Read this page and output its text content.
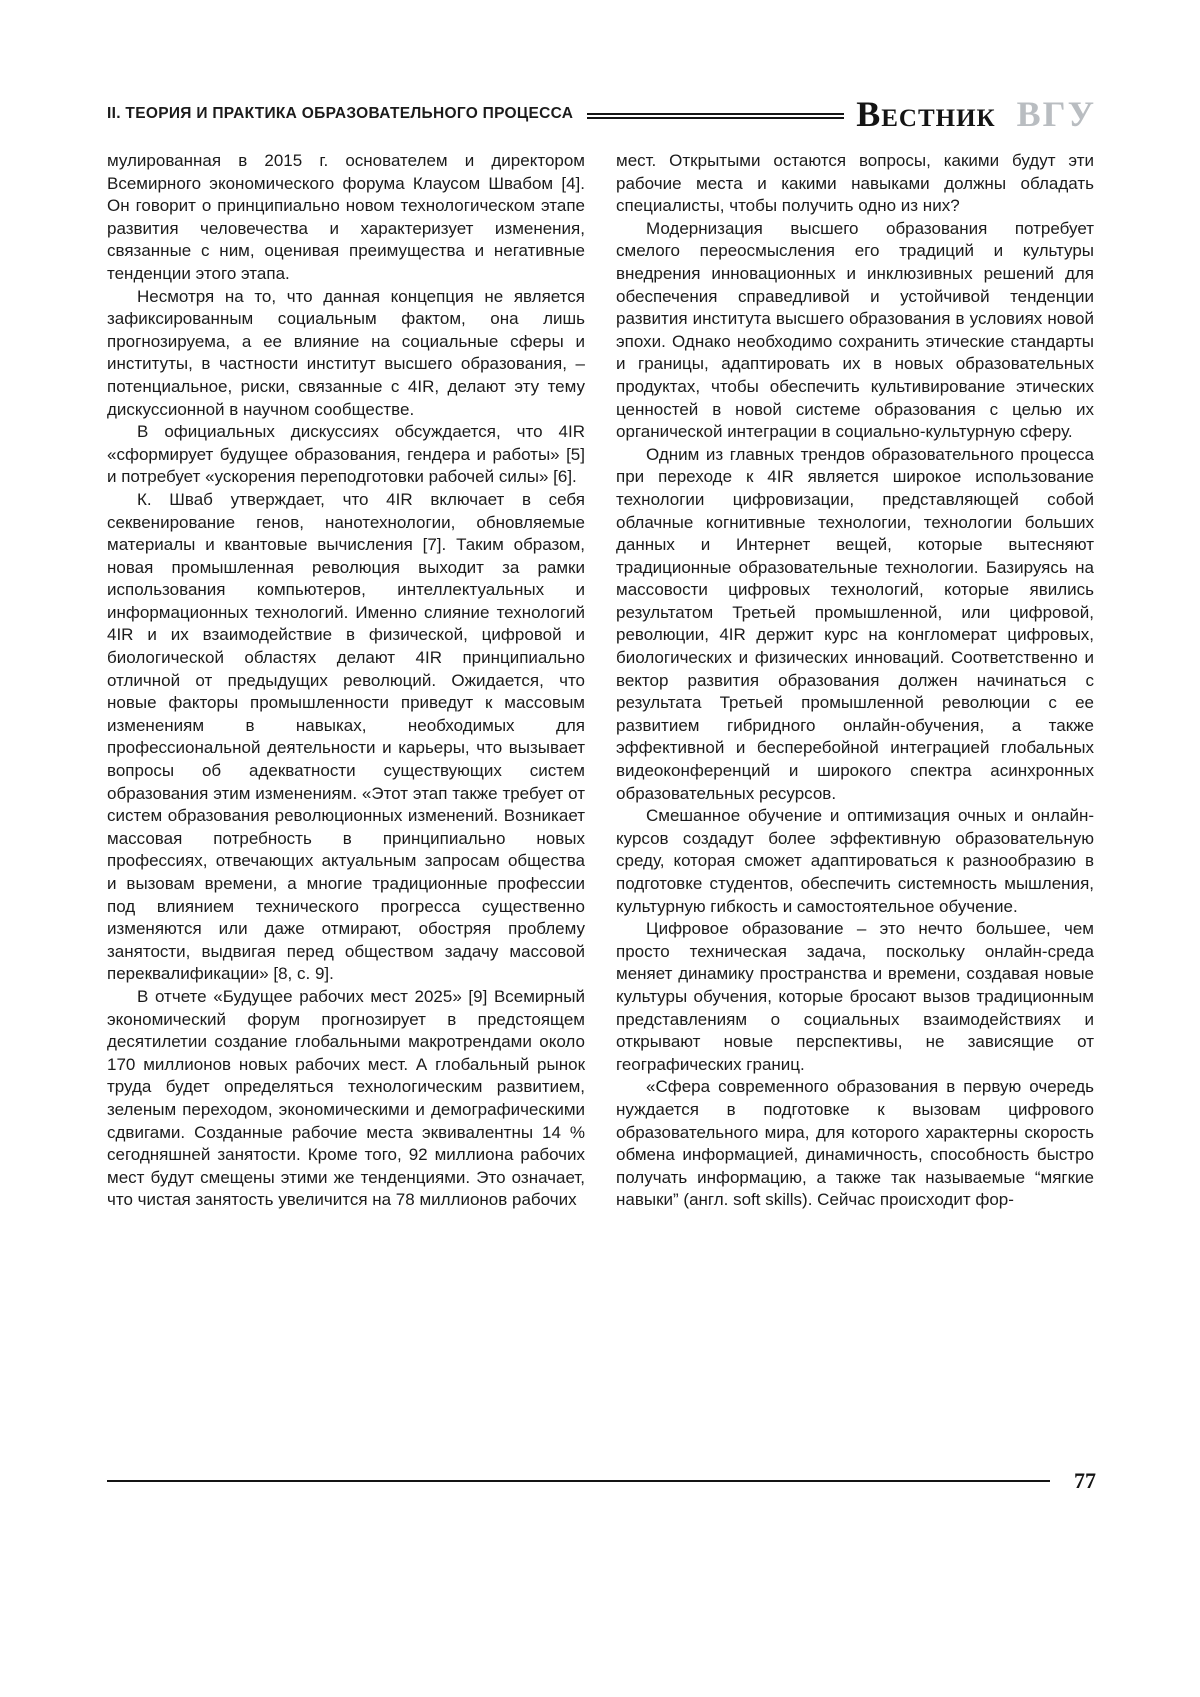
II. ТЕОРИЯ И ПРАКТИКА ОБРАЗОВАТЕЛЬНОГО ПРОЦЕССА	Вестник ВГУ

мулированная в 2015 г. основателем и директором Всемирного экономического форума Клаусом Швабом [4]. Он говорит о принципиально новом технологическом этапе развития человечества и характеризует изменения, связанные с ним, оценивая преимущества и негативные тенденции этого этапа.

Несмотря на то, что данная концепция не является зафиксированным социальным фактом, она лишь прогнозируема, а ее влияние на социальные сферы и институты, в частности институт высшего образования, – потенциальное, риски, связанные с 4IR, делают эту тему дискуссионной в научном сообществе.

В официальных дискуссиях обсуждается, что 4IR «сформирует будущее образования, гендера и работы» [5] и потребует «ускорения переподготовки рабочей силы» [6].

К. Шваб утверждает, что 4IR включает в себя секвенирование генов, нанотехнологии, обновляемые материалы и квантовые вычисления [7]. Таким образом, новая промышленная революция выходит за рамки использования компьютеров, интеллектуальных и информационных технологий. Именно слияние технологий 4IR и их взаимодействие в физической, цифровой и биологической областях делают 4IR принципиально отличной от предыдущих революций. Ожидается, что новые факторы промышленности приведут к массовым изменениям в навыках, необходимых для профессиональной деятельности и карьеры, что вызывает вопросы об адекватности существующих систем образования этим изменениям. «Этот этап также требует от систем образования революционных изменений. Возникает массовая потребность в принципиально новых профессиях, отвечающих актуальным запросам общества и вызовам времени, а многие традиционные профессии под влиянием технического прогресса существенно изменяются или даже отмирают, обостряя проблему занятости, выдвигая перед обществом задачу массовой переквалификации» [8, с. 9].

В отчете «Будущее рабочих мест 2025» [9] Всемирный экономический форум прогнозирует в предстоящем десятилетии создание глобальными макротрендами около 170 миллионов новых рабочих мест. А глобальный рынок труда будет определяться технологическим развитием, зеленым переходом, экономическими и демографическими сдвигами. Созданные рабочие места эквивалентны 14 % сегодняшней занятости. Кроме того, 92 миллиона рабочих мест будут смещены этими же тенденциями. Это означает, что чистая занятость увеличится на 78 миллионов рабочих

мест. Открытыми остаются вопросы, какими будут эти рабочие места и какими навыками должны обладать специалисты, чтобы получить одно из них?

Модернизация высшего образования потребует смелого переосмысления его традиций и культуры внедрения инновационных и инклюзивных решений для обеспечения справедливой и устойчивой тенденции развития института высшего образования в условиях новой эпохи. Однако необходимо сохранить этические стандарты и границы, адаптировать их в новых образовательных продуктах, чтобы обеспечить культивирование этических ценностей в новой системе образования с целью их органической интеграции в социально-культурную сферу.

Одним из главных трендов образовательного процесса при переходе к 4IR является широкое использование технологии цифровизации, представляющей собой облачные когнитивные технологии, технологии больших данных и Интернет вещей, которые вытесняют традиционные образовательные технологии. Базируясь на массовости цифровых технологий, которые явились результатом Третьей промышленной, или цифровой, революции, 4IR держит курс на конгломерат цифровых, биологических и физических инноваций. Соответственно и вектор развития образования должен начинаться с результата Третьей промышленной революции с ее развитием гибридного онлайн-обучения, а также эффективной и бесперебойной интеграцией глобальных видеоконференций и широкого спектра асинхронных образовательных ресурсов.

Смешанное обучение и оптимизация очных и онлайн-курсов создадут более эффективную образовательную среду, которая сможет адаптироваться к разнообразию в подготовке студентов, обеспечить системность мышления, культурную гибкость и самостоятельное обучение.

Цифровое образование – это нечто большее, чем просто техническая задача, поскольку онлайн-среда меняет динамику пространства и времени, создавая новые культуры обучения, которые бросают вызов традиционным представлениям о социальных взаимодействиях и открывают новые перспективы, не зависящие от географических границ.

«Сфера современного образования в первую очередь нуждается в подготовке к вызовам цифрового образовательного мира, для которого характерны скорость обмена информацией, динамичность, способность быстро получать информацию, а также так называемые “мягкие навыки” (англ. soft skills). Сейчас происходит фор-

77
